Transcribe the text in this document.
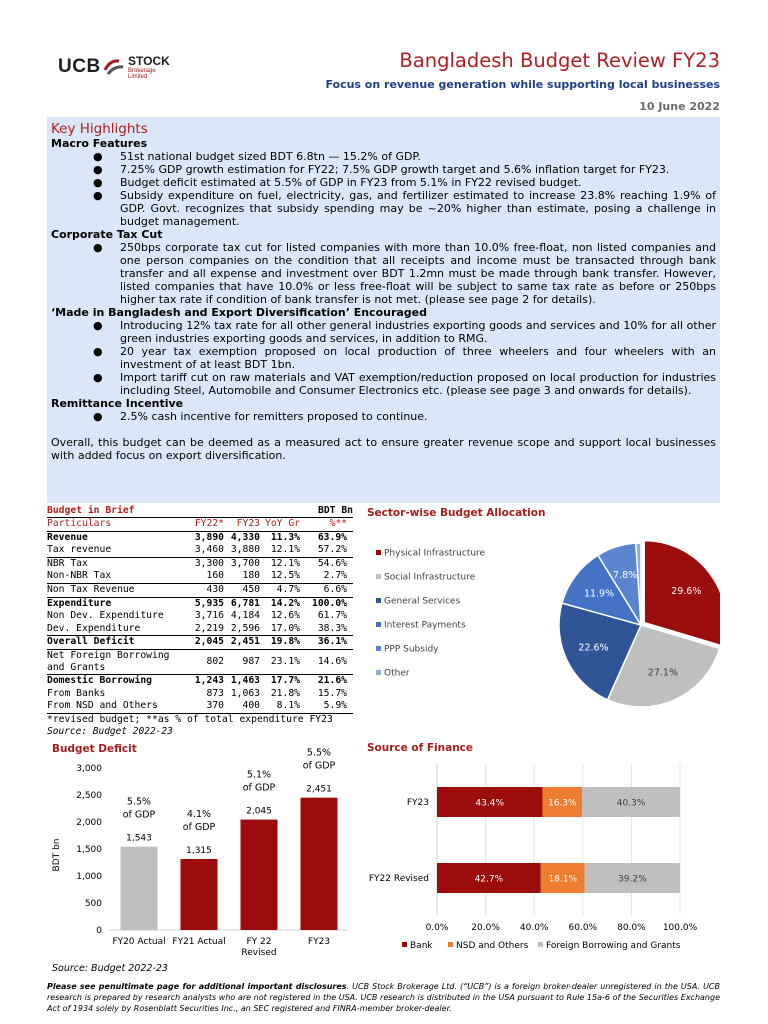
UCB STOCK
Brokerage Limited
Bangladesh Budget Review FY23
Focus on revenue generation while supporting local businesses
10 June 2022
Key Highlights
Macro Features
● 51st national budget sized BDT 6.8tn — 15.2% of GDP.
● 7.25% GDP growth estimation for FY22; 7.5% GDP growth target and 5.6% inflation target for FY23.
● Budget deficit estimated at 5.5% of GDP in FY23 from 5.1% in FY22 revised budget.
● Subsidy expenditure on fuel, electricity, gas, and fertilizer estimated to increase 23.8% reaching 1.9% of GDP. Govt. recognizes that subsidy spending may be ~20% higher than estimate, posing a challenge in budget management.
Corporate Tax Cut
● 250bps corporate tax cut for listed companies with more than 10.0% free-float, non listed companies and one person companies on the condition that all receipts and income must be transacted through bank transfer and all expense and investment over BDT 1.2mn must be made through bank transfer. However, listed companies that have 10.0% or less free-float will be subject to same tax rate as before or 250bps higher tax rate if condition of bank transfer is not met. (please see page 2 for details).
‘Made in Bangladesh and Export Diversification’ Encouraged
● Introducing 12% tax rate for all other general industries exporting goods and services and 10% for all other green industries exporting goods and services, in addition to RMG.
● 20 year tax exemption proposed on local production of three wheelers and four wheelers with an investment of at least BDT 1bn.
● Import tariff cut on raw materials and VAT exemption/reduction proposed on local production for industries including Steel, Automobile and Consumer Electronics etc. (please see page 3 and onwards for details).
Remittance Incentive
● 2.5% cash incentive for remitters proposed to continue.
Overall, this budget can be deemed as a measured act to ensure greater revenue scope and support local businesses with added focus on export diversification.
Budget in Brief	BDT Bn
Particulars	FY22*	FY23 YoY Gr	%**
Revenue	3,890 4,330	11.3%	63.9%
Tax revenue	3,460 3,880	12.1%	57.2%
NBR Tax	3,300 3,700	12.1%	54.6%
Non-NBR Tax	160	180	12.5%	2.7%
Non Tax Revenue	430	450	4.7%	6.6%
Expenditure	5,935 6,781	14.2%	100.0%
Non Dev. Expenditure	3,716 4,184	12.6%	61.7%
Dev. Expenditure	2,219 2,596	17.0%	38.3%
Overall Deficit	2,045 2,451	19.8%	36.1%
Net Foreign Borrowing and Grants
802	987	23.1%	14.6%
Domestic Borrowing	1,243 1,463	17.7%	21.6%
From Banks	873 1,063	21.8%	15.7%
From NSD and Others	370	400	8.1%	5.9%
*revised budget; **as % of total expenditure FY23
Source: Budget 2022-23
Sector-wise Budget Allocation
29.6%
27.1%
22.6%
11.9%
7.8%
Physical Infrastructure
Social Infrastructure
General Services
Interest Payments
PPP Subsidy
Other
Budget Deficit
0
500
1,000
1,500
2,000
2,500
3,000
BDT bn	1,543
5.5%
of GDP
FY20 Actual
1,315
4.1%
of GDP
FY21 Actual
2,045
5.1%
of GDP
FY 22
Revised
2,451
5.5%
of GDP
FY23
Source: Budget 2022-23
Source of Finance
0.0%	20.0% 40.0% 60.0% 80.0% 100.0%
FY23	43.4%	16.3%	40.3%
FY22 Revised	42.7%	18.1%	39.2%
Bank	NSD and Others Foreign Borrowing and Grants
Please see penultimate page for additional important disclosures. UCB Stock Brokerage Ltd. (“UCB”) is a foreign broker-dealer unregistered in the USA. UCB research is prepared by research analysts who are not registered in the USA. UCB research is distributed in the USA pursuant to Rule 15a-6 of the Securities Exchange Act of 1934 solely by Rosenblatt Securities Inc., an SEC registered and FINRA-member broker-dealer.
